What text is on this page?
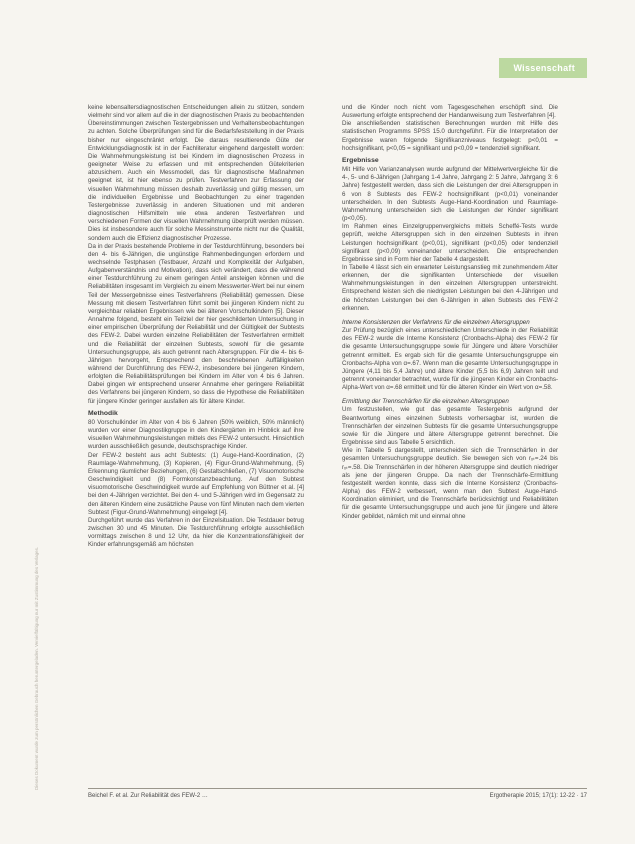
Wissenschaft
Dieses Dokument wurde zum persönlichen Gebrauch heruntergeladen. Vervielfältigung nur mit Zustimmung des Verlages.

keine lebensaltersdiagnostischen Entscheidungen allein zu stützen, sondern vielmehr sind vor allem auf die in der diagnostischen Praxis zu beobachtenden Übereinstimmungen zwischen Testergebnissen und Verhaltensbeobachtungen zu achten. Solche Überprüfungen sind für die Bedarfsfeststellung in der Praxis bisher nur eingeschränkt erfolgt. Die daraus resultierende Güte der Entwicklungsdiagnostik ist in der Fachliteratur eingehend dargestellt worden: Die Wahrnehmungsleistung ist bei Kindern im diagnostischen Prozess in geeigneter Weise zu erfassen und mit entsprechenden Gütekriterien abzusichern. Auch ein Messmodell, das für diagnostische Maßnahmen geeignet ist, ist hier ebenso zu prüfen. Testverfahren zur Erfassung der visuellen Wahrnehmung müssen deshalb zuverlässig und gültig messen, um die individuellen Ergebnisse und Beobachtungen zu einer tragenden Testergebnisse zuverlässig in anderen Situationen und mit anderen diagnostischen Hilfsmitteln wie etwa anderen Testverfahren und verschiedenen Formen der visuellen Wahrnehmung überprüft werden müssen. Dies ist insbesondere auch für solche Messinstrumente nicht nur die Qualität, sondern auch die Effizienz diagnostischer Prozesse.

Da in der Praxis bestehende Probleme in der Testdurchführung, besonders bei den 4- bis 6-Jährigen, die ungünstige Rahmenbedingungen erfordern und wechselnde Testphasen (Testbauer, Anzahl und Komplexität der Aufgaben, Aufgabenverständnis und Motivation), dass sich verändert, dass die während einer Testdurchführung zu einem geringen Anteil ansteigen können und die Reliabilitäten insgesamt im Vergleich zu einem Messwerter-Wert bei nur einem Teil der Messergebnisse eines Testverfahrens (Reliabilität) gemessen. Diese Messung mit diesem Testverfahren führt somit bei jüngeren Kindern nicht zu vergleichbar reliablen Ergebnissen wie bei älteren Vorschulkindern [5]. Dieser Annahme folgend, besteht ein Teilziel der hier geschilderten Untersuchung in einer empirischen Überprüfung der Reliabilität und der Gültigkeit der Subtests des FEW-2. Dabei wurden einzelne Reliabilitäten der Testverfahren ermittelt und die Reliabilität der einzelnen Subtests, sowohl für die gesamte Untersuchungsgruppe, als auch getrennt nach Altersgruppen. Für die 4- bis 6-Jährigen hervorgeht, Entsprechend den beschriebenen Auffälligkeiten während der Durchführung des FEW-2, insbesondere bei jüngeren Kindern, erfolgten die Reliabilitätsprüfungen bei Kindern im Alter von 4 bis 6 Jahren. Dabei gingen wir entsprechend unserer Annahme eher geringere Reliabilität des Verfahrens bei jüngeren Kindern, so dass die Hypothese die Reliabilitäten für jüngere Kinder geringer ausfallen als für ältere Kinder.

Methodik

80 Vorschulkinder im Alter von 4 bis 6 Jahren (50% weiblich, 50% männlich) wurden vor einer Diagnostikgruppe in den Kindergärten im Hinblick auf ihre visuellen Wahrnehmungsleistungen mittels des FEW-2 untersucht. Hinsichtlich wurden ausschließlich gesunde, deutschsprachige Kinder.

Der FEW-2 besteht aus acht Subtests: (1) Auge-Hand-Koordination, (2) Raumlage-Wahrnehmung, (3) Kopieren, (4) Figur-Grund-Wahrnehmung, (5) Erkennung räumlicher Beziehungen, (6) Gestaltschließen, (7) Visuomotorische Geschwindigkeit und (8) Formkonstanzbeachtung. Auf den Subtest visuomotorische Geschwindigkeit wurde auf Empfehlung von Büttner et al. [4] bei den 4-Jährigen verzichtet. Bei den 4- und 5-Jährigen wird im Gegensatz zu den älteren Kindern eine zusätzliche Pause von fünf Minuten nach dem vierten Subtest (Figur-Grund-Wahrnehmung) eingelegt [4].

Durchgeführt wurde das Verfahren in der Einzelsituation. Die Testdauer betrug zwischen 30 und 45 Minuten. Die Testdurchführung erfolgte ausschließlich vormittags zwischen 8 und 12 Uhr, da hier die Konzentrationsfähigkeit der Kinder erfahrungsgemäß am höchsten

und die Kinder noch nicht vom Tagesgeschehen erschöpft sind. Die Auswertung erfolgte entsprechend der Handanweisung zum Testverfahren [4].

Die anschließenden statistischen Berechnungen wurden mit Hilfe des statistischen Programms SPSS 15.0 durchgeführt. Für die Interpretation der Ergebnisse waren folgende Signifikanzniveaus festgelegt: p<0,01 = hochsignifikant, p<0,05 = signifikant und p<0,09 = tendenziell signifikant.

Ergebnisse

Mit Hilfe von Varianzanalysen wurde aufgrund der Mittelwertvergleiche für die 4-, 5- und 6-Jährigen (Jahrgang 1-4 Jahre, Jahrgang 2: 5 Jahre, Jahrgang 3: 6 Jahre) festgestellt werden, dass sich die Leistungen der drei Altersgruppen in 6 von 8 Subtests des FEW-2 hochsignifikant (p<0,01) voneinander unterscheiden. In den Subtests Auge-Hand-Koordination und Raumlage-Wahrnehmung unterscheiden sich die Leistungen der Kinder signifikant (p<0,05).

Im Rahmen eines Einzelgruppenvergleichs mittels Scheffé-Tests wurde geprüft, welche Altersgruppen sich in den einzelnen Subtests in ihren Leistungen hochsignifikant (p<0,01), signifikant (p<0,05) oder tendenziell signifikant (p<0,09) voneinander unterscheiden. Die entsprechenden Ergebnisse sind in Form hier der Tabelle 4 dargestellt.

In Tabelle 4 lässt sich ein erwarteter Leistungsanstieg mit zunehmendem Alter erkennen, der die signifikanten Unterschiede der visuellen Wahrnehmungsleistungen in den einzelnen Altersgruppen unterstreicht. Entsprechend leisten sich die niedrigsten Leistungen bei den 4-Jährigen und die höchsten Leistungen bei den 6-Jährigen in allen Subtests des FEW-2 erkennen.

Interne Konsistenzen der Verfahrens für die einzelnen Altersgruppen

Zur Prüfung bezüglich eines unterschiedlichen Unterschiede in der Reliabilität des FEW-2 wurde die Interne Konsistenz (Cronbachs-Alpha) des FEW-2 für die gesamte Untersuchungsgruppe sowie für Jüngere und ältere Vorschüler getrennt ermittelt. Es ergab sich für die gesamte Untersuchungsgruppe ein Cronbachs-Alpha von α=.67. Wenn man die gesamte Untersuchungsgruppe in Jüngere (4,11 bis 5,4 Jahre) und ältere Kinder (5,5 bis 6,9) Jahren teilt und getrennt voneinander betrachtet, wurde für die jüngeren Kinder ein Cronbachs-Alpha-Wert von α=.68 ermittelt und für die älteren Kinder ein Wert von α=.58.

Ermittlung der Trennschärfen für die einzelnen Altersgruppen

Um festzustellen, wie gut das gesamte Testergebnis aufgrund der Beantwortung eines einzelnen Subtests vorhersagbar ist, wurden die Trennschärfen der einzelnen Subtests für die gesamte Untersuchungsgruppe sowie für die Jüngere und ältere Altersgruppe getrennt berechnet. Die Ergebnisse sind aus Tabelle 5 ersichtlich.

Wie in Tabelle 5 dargestellt, unterscheiden sich die Trennschärfen in der gesamten Untersuchungsgruppe deutlich. Sie bewegen sich von rₓₜ=.24 bis rₓₜ=.58. Die Trennschärfen in der höheren Altersgruppe sind deutlich niedriger als jene der jüngeren Gruppe. Da nach der Trennschärfe-Ermittlung festgestellt werden konnte, dass sich die Interne Konsistenz (Cronbachs-Alpha) des FEW-2 verbessert, wenn man den Subtest Auge-Hand-Koordination eliminiert, und die Trennschärfe berücksichtigt und Reliabilitäten für die gesamte Untersuchungsgruppe und auch jene für jüngere und ältere Kinder gebildet, nämlich mit und einmal ohne

Beichel F. et al. Zur Reliabilität des FEW-2 …	Ergotherapie 2015; 17(1): 12-22 · 17
